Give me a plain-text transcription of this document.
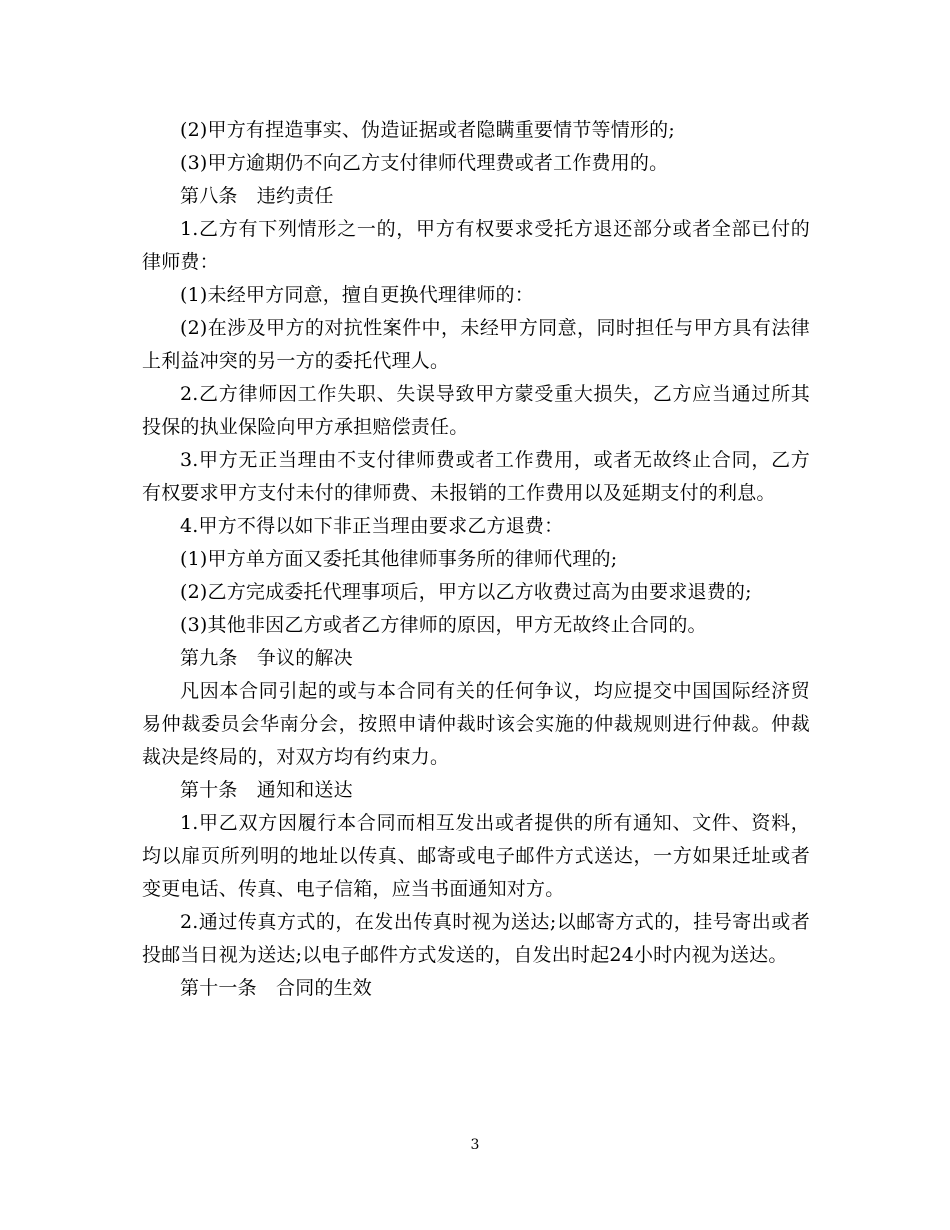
(2)甲方有捏造事实、伪造证据或者隐瞒重要情节等情形的;

(3)甲方逾期仍不向乙方支付律师代理费或者工作费用的。

第八条　违约责任

1.乙方有下列情形之一的，甲方有权要求受托方退还部分或者全部已付的律师费：

(1)未经甲方同意，擅自更换代理律师的：

(2)在涉及甲方的对抗性案件中，未经甲方同意，同时担任与甲方具有法律上利益冲突的另一方的委托代理人。

2.乙方律师因工作失职、失误导致甲方蒙受重大损失，乙方应当通过所其投保的执业保险向甲方承担赔偿责任。

3.甲方无正当理由不支付律师费或者工作费用，或者无故终止合同，乙方有权要求甲方支付未付的律师费、未报销的工作费用以及延期支付的利息。

4.甲方不得以如下非正当理由要求乙方退费：

(1)甲方单方面又委托其他律师事务所的律师代理的;

(2)乙方完成委托代理事项后，甲方以乙方收费过高为由要求退费的;

(3)其他非因乙方或者乙方律师的原因，甲方无故终止合同的。

第九条　争议的解决

凡因本合同引起的或与本合同有关的任何争议，均应提交中国国际经济贸易仲裁委员会华南分会，按照申请仲裁时该会实施的仲裁规则进行仲裁。仲裁裁决是终局的，对双方均有约束力。

第十条　通知和送达

1.甲乙双方因履行本合同而相互发出或者提供的所有通知、文件、资料，均以扉页所列明的地址以传真、邮寄或电子邮件方式送达，一方如果迁址或者变更电话、传真、电子信箱，应当书面通知对方。

2.通过传真方式的，在发出传真时视为送达;以邮寄方式的，挂号寄出或者投邮当日视为送达;以电子邮件方式发送的，自发出时起24小时内视为送达。

第十一条　合同的生效

3
